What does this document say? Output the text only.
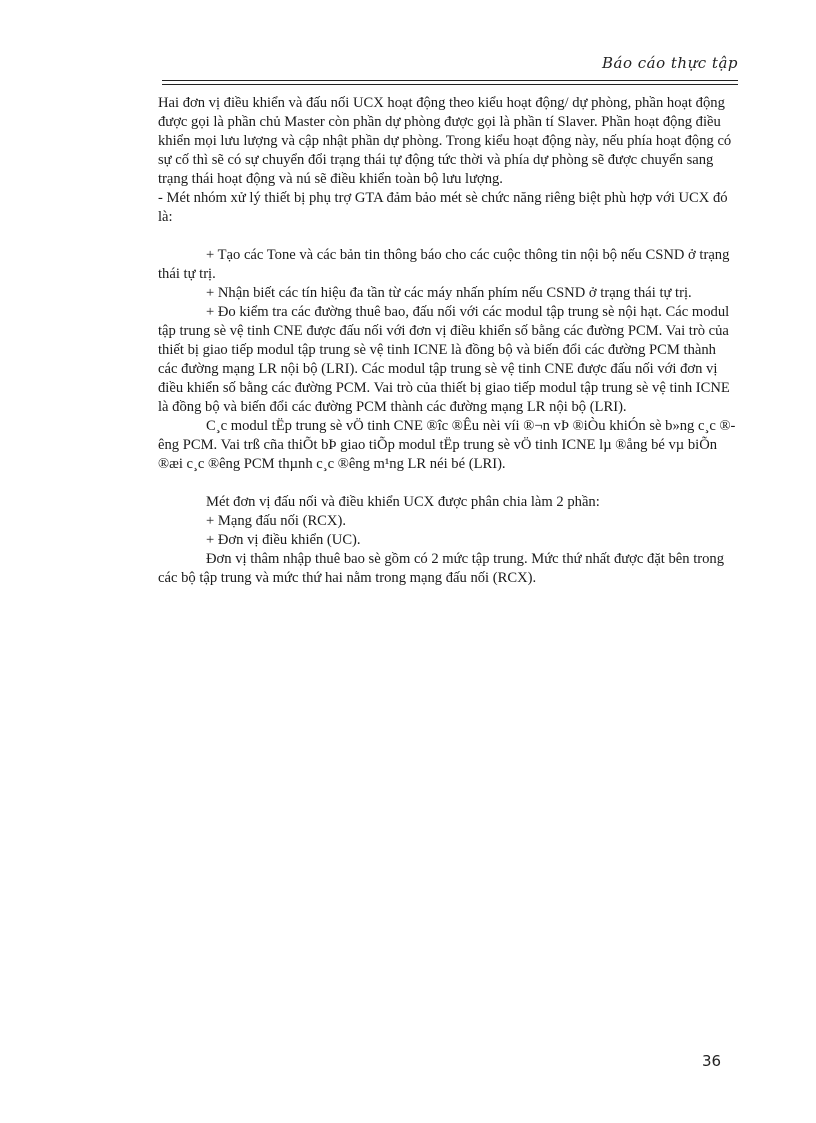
Báo cáo thực tập

Hai đơn vị điều khiển và đấu nối UCX hoạt động theo kiểu hoạt động/ dự phòng, phần hoạt động được gọi là phần chủ Master còn phần dự phòng được gọi là phần tí Slaver. Phần hoạt động điều khiển mọi lưu lượng và cập nhật phần dự phòng. Trong kiểu hoạt động này, nếu phía hoạt động có sự cố thì sẽ có sự chuyển đổi trạng thái tự động tức thời và phía dự phòng sẽ được chuyển sang trạng thái hoạt động và nú sẽ điều khiển toàn bộ lưu lượng.

- Mét nhóm xử lý thiết bị phụ trợ GTA đảm bảo mét sè chức năng riêng biệt phù hợp với UCX đó là:

+ Tạo các Tone và các bản tin thông báo cho các cuộc thông tin nội bộ nếu CSND ở trạng thái tự trị.

+ Nhận biết các tín hiệu đa tần từ các máy nhấn phím nếu CSND ở trạng thái tự trị.

+ Đo kiểm tra các đường thuê bao, đấu nối với các modul tập trung sè nội hạt. Các modul tập trung sè vệ tinh CNE được đấu nối với đơn vị điều khiển số bằng các đường PCM. Vai trò của thiết bị giao tiếp modul tập trung sè vệ tinh ICNE là đồng bộ và biến đổi các đường PCM thành các đường mạng LR nội bộ (LRI). Các modul tập trung sè vệ tinh CNE được đấu nối với đơn vị điều khiển số bằng các đường PCM. Vai trò của thiết bị giao tiếp modul tập trung sè vệ tinh ICNE là đồng bộ và biến đổi các đường PCM thành các đường mạng LR nội bộ (LRI).

C¸c modul tËp trung sè vÖ tinh CNE ®îc ®Êu nèi víi ®¬n vÞ ®iÒu khiÓn sè b»ng c¸c ®êng PCM. Vai trß cña thiÕt bÞ giao tiÕp modul tËp trung sè vÖ tinh ICNE lµ ®ång bé vµ biÕn ®æi c¸c ®êng PCM thµnh c¸c ®êng m¹ng LR néi bé (LRI).

Mét đơn vị đấu nối và điều khiển UCX được phân chia làm 2 phần:

+ Mạng đấu nối (RCX).

+ Đơn vị điều khiển (UC).

Đơn vị thâm nhập thuê bao sè gồm có 2 mức tập trung. Mức thứ nhất được đặt bên trong các bộ tập trung và mức thứ hai nằm trong mạng đấu nối (RCX).

36
